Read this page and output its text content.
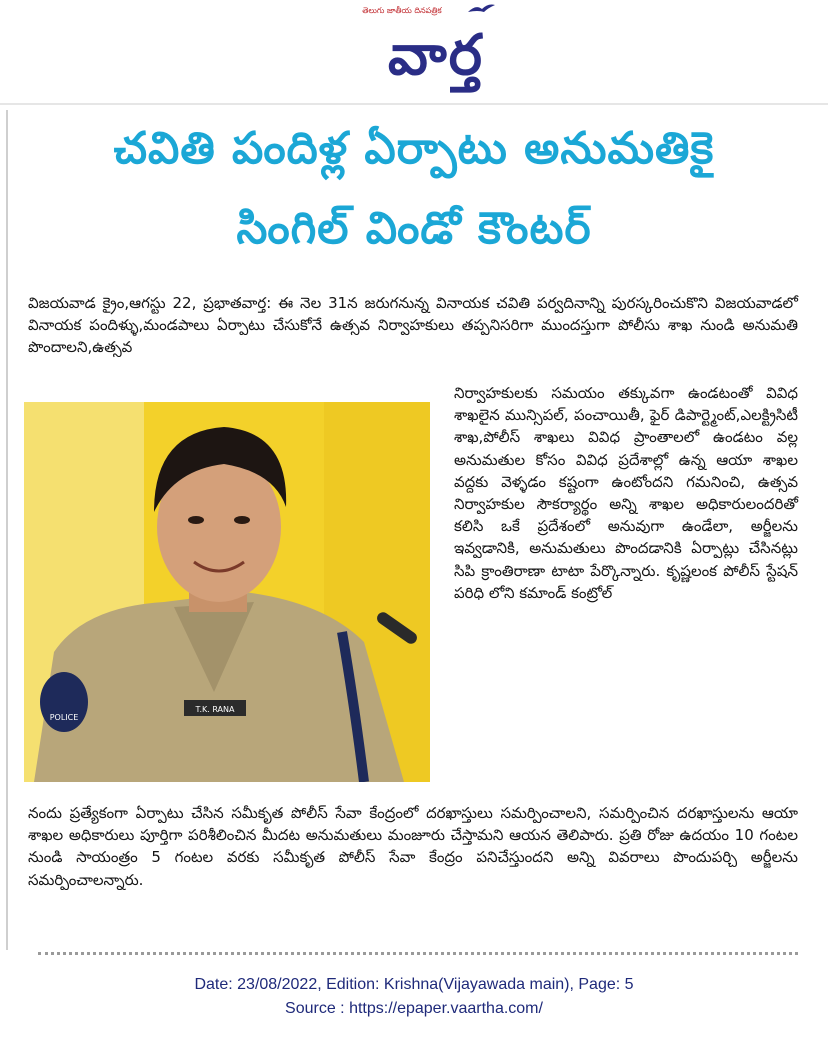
తెలుగు జాతీయ దినపత్రిక
వార్త
చవితి పందిళ్ల ఏర్పాటు అనుమతికై
సింగిల్ విండో కౌంటర్
విజయవాడ క్రైం,ఆగస్టు 22, ప్రభాతవార్త: ఈ నెల 31న జరుగనున్న వినాయక చవితి పర్వదినాన్ని పురస్కరించుకొని విజయవాడలో వినాయక పందిళ్ళు,మండపాలు ఏర్పాటు చేసుకోనే ఉత్సవ నిర్వాహకులు తప్పనిసరిగా ముందస్తుగా పోలీసు శాఖ నుండి అనుమతి పొందాలని,ఉత్సవ
T.K. RANA
POLICE
నిర్వాహకులకు సమయం తక్కువగా ఉండటంతో వివిధ శాఖలైన మున్సిపల్, పంచాయితీ, ఫైర్ డిపార్ట్మెంట్,ఎలక్ట్రిసిటీ శాఖ,పోలీస్ శాఖలు వివిధ ప్రాంతాలలో ఉండటం వల్ల అనుమతుల కోసం వివిధ ప్రదేశాల్లో ఉన్న ఆయా శాఖల వద్దకు వెళ్ళడం కష్టంగా ఉంటోందని గమనించి, ఉత్సవ నిర్వాహకుల సౌకర్యార్థం అన్ని శాఖల అధికారులందరితో కలిసి ఒకే ప్రదేశంలో అనువుగా ఉండేలా, అర్జీలను ఇవ్వడానికి, అనుమతులు పొందడానికి ఏర్పాట్లు చేసినట్లు సిపి క్రాంతిరాణా టాటా పేర్కొన్నారు. కృష్ణలంక పోలీస్ స్టేషన్ పరిధి లోని కమాండ్ కంట్రోల్
నందు ప్రత్యేకంగా ఏర్పాటు చేసిన సమీకృత పోలీస్ సేవా కేంద్రంలో దరఖాస్తులు సమర్పించాలని, సమర్పించిన దరఖాస్తులను ఆయా శాఖల అధికారులు పూర్తిగా పరిశీలించిన మీదట అనుమతులు మంజూరు చేస్తామని ఆయన తెలిపారు. ప్రతి రోజు ఉదయం 10 గంటల నుండి సాయంత్రం 5 గంటల వరకు సమీకృత పోలీస్ సేవా కేంద్రం పనిచేస్తుందని అన్ని వివరాలు పొందుపర్చి అర్జీలను సమర్పించాలన్నారు.
Date: 23/08/2022, Edition: Krishna(Vijayawada main), Page: 5
Source : https://epaper.vaartha.com/
